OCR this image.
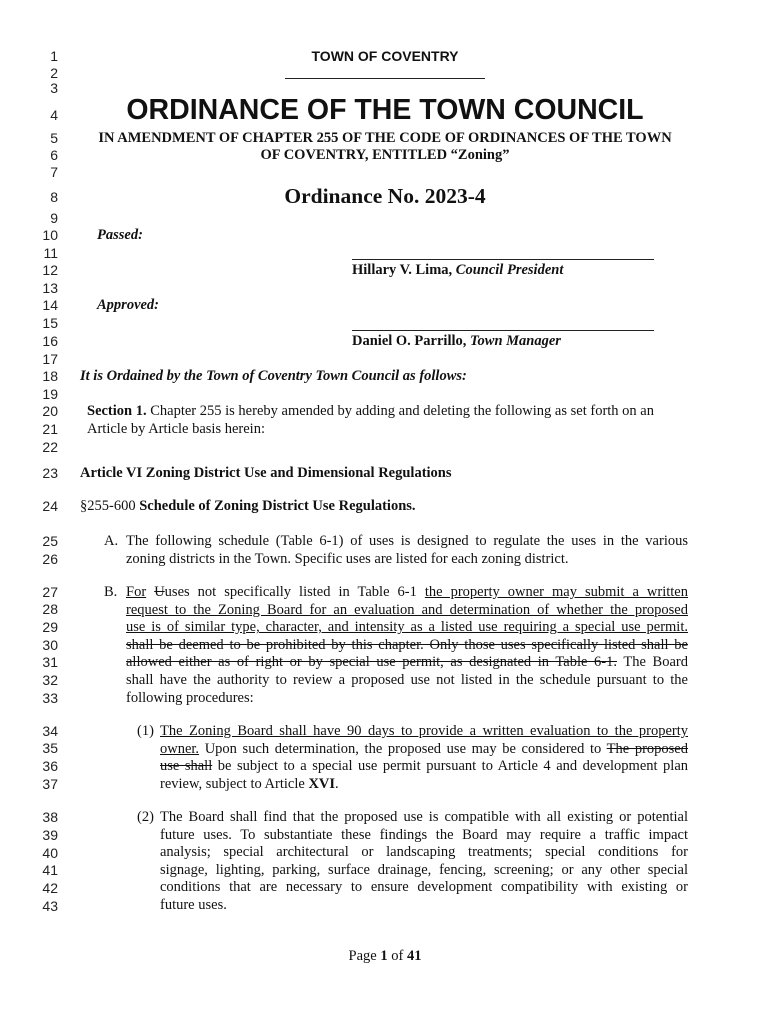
1
2
3
4
5
6
7
8
9
10
11
12
13
14
15
16
17
18
19
20
21
22
23
24
25
26
27
28
29
30
31
32
33
34
35
36
37
38
39
40
41
42
43
TOWN OF COVENTRY
ORDINANCE OF THE TOWN COUNCIL
IN AMENDMENT OF CHAPTER 255 OF THE CODE OF ORDINANCES OF THE TOWN
OF COVENTRY, ENTITLED “Zoning”
Ordinance No. 2023-4
Passed:
Hillary V. Lima, Council President
Approved:
Daniel O. Parrillo, Town Manager
It is Ordained by the Town of Coventry Town Council as follows:
Section 1. Chapter 255 is hereby amended by adding and deleting the following as set forth on an
Article by Article basis herein:
Article VI Zoning District Use and Dimensional Regulations
§255-600 Schedule of Zoning District Use Regulations.
A. The following schedule (Table 6-1) of uses is designed to regulate the uses in the various
zoning districts in the Town. Specific uses are listed for each zoning district.
B. For Uuses not specifically listed in Table 6-1 the property owner may submit a written
request to the Zoning Board for an evaluation and determination of whether the proposed
use is of similar type, character, and intensity as a listed use requiring a special use permit.
shall be deemed to be prohibited by this chapter. Only those uses specifically listed shall be
allowed either as of right or by special use permit, as designated in Table 6-1. The Board
shall have the authority to review a proposed use not listed in the schedule pursuant to the
following procedures:
(1) The Zoning Board shall have 90 days to provide a written evaluation to the property
owner. Upon such determination, the proposed use may be considered to The proposed
use shall be subject to a special use permit pursuant to Article 4 and development plan
review, subject to Article XVI.
(2) The Board shall find that the proposed use is compatible with all existing or potential
future uses. To substantiate these findings the Board may require a traffic impact
analysis; special architectural or landscaping treatments; special conditions for
signage, lighting, parking, surface drainage, fencing, screening; or any other special
conditions that are necessary to ensure development compatibility with existing or
future uses.
Page 1 of 41
